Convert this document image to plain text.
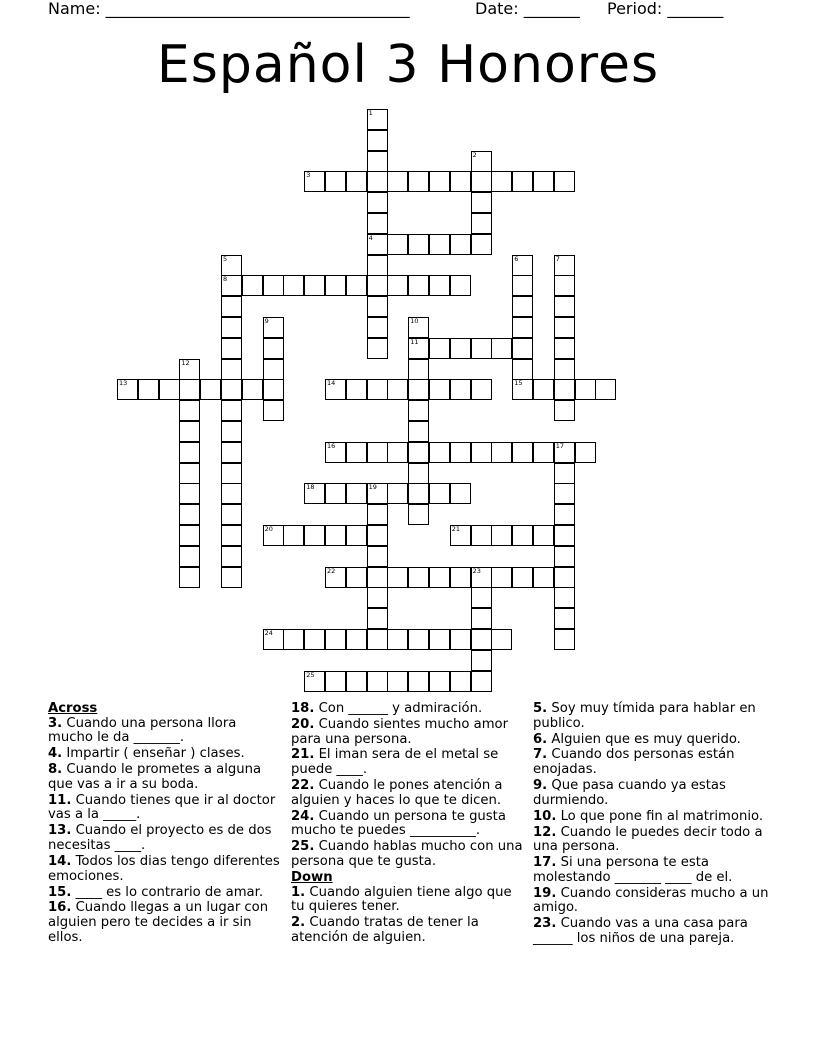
Name: ______________________________________	Date: _______ Period: _______
Español 3 Honores
1
2
3
4
5	6	7
8
9	10
11
12
13	14	15
16	17
18	19
20	21
22	23
24
25
Across
3. Cuando una persona llora mucho le da _______.
4. Impartir ( enseñar ) clases.
8. Cuando le prometes a alguna que vas a ir a su boda.
11. Cuando tienes que ir al doctor vas a la _____.
13. Cuando el proyecto es de dos necesitas ____.
14. Todos los dias tengo diferentes emociones.
15. ____ es lo contrario de amar.
16. Cuando llegas a un lugar con alguien pero te decides a ir sin ellos.
18. Con ______ y admiración.
20. Cuando sientes mucho amor para una persona.
21. El iman sera de el metal se puede ____.
22. Cuando le pones atención a alguien y haces lo que te dicen.
24. Cuando un persona te gusta mucho te puedes __________.
25. Cuando hablas mucho con una persona que te gusta.
Down
1. Cuando alguien tiene algo que tu quieres tener.
2. Cuando tratas de tener la atención de alguien.
5. Soy muy tímida para hablar en publico.
6. Alguien que es muy querido.
7. Cuando dos personas están enojadas.
9. Que pasa cuando ya estas durmiendo.
10. Lo que pone fin al matrimonio.
12. Cuando le puedes decir todo a una persona.
17. Si una persona te esta molestando _______ ____ de el.
19. Cuando consideras mucho a un amigo.
23. Cuando vas a una casa para ______ los niños de una pareja.
